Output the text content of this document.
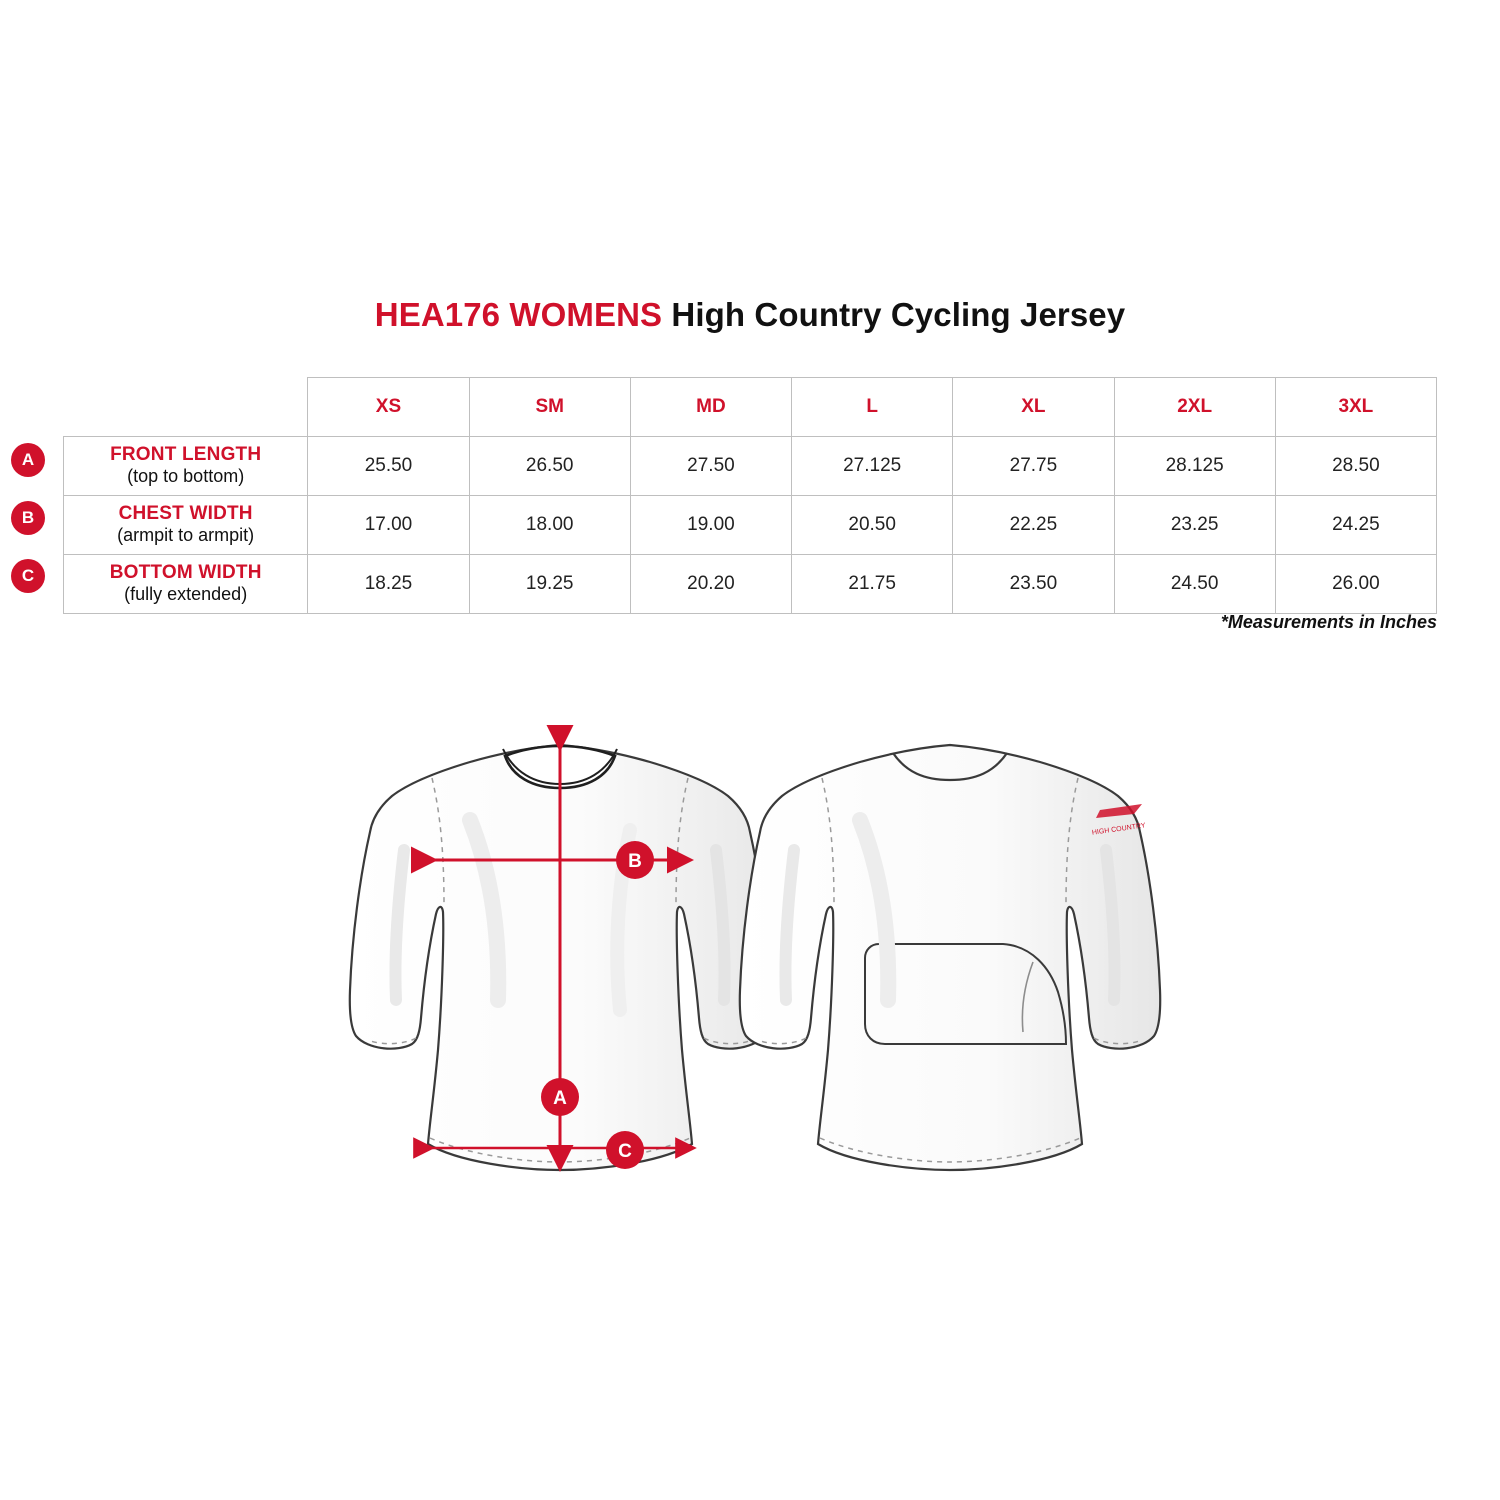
HEA176 WOMENS High Country Cycling Jersey
A
B
C
	XS	SM	MD	L	XL	2XL	3XL

FRONT LENGTH
(top to bottom)	25.50	26.50	27.50	27.125	27.75	28.125	28.50

CHEST WIDTH
(armpit to armpit)	17.00	18.00	19.00	20.50	22.25	23.25	24.25

BOTTOM WIDTH
(fully extended)	18.25	19.25	20.20	21.75	23.50	24.50	26.00
*Measurements in Inches
B
A
C
HIGH COUNTRY
